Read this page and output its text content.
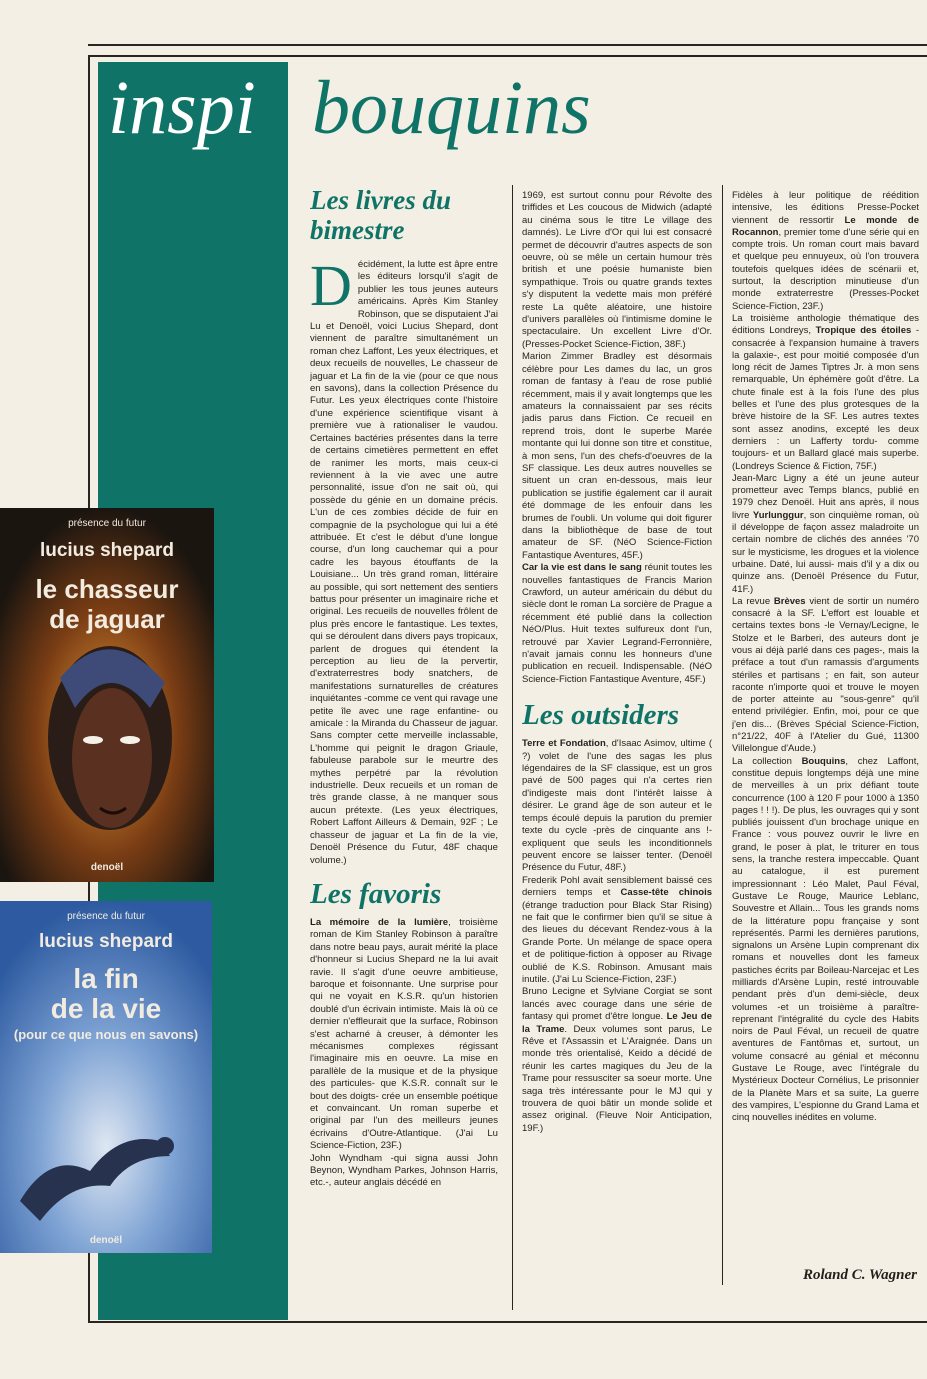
inspi bouquins
présence du futur
lucius shepard
le chasseur
de jaguar
denoël
présence du futur
lucius shepard
la fin
de la vie
(pour ce que nous en savons)
denoël
Les livres du
bimestre

Décidément, la lutte est âpre entre les éditeurs lorsqu'il s'agit de publier les tous jeunes auteurs américains. Après Kim Stanley Robinson, que se disputaient J'ai Lu et Denoël, voici Lucius Shepard, dont viennent de paraître simultanément un roman chez Laffont, Les yeux électriques, et deux recueils de nouvelles, Le chasseur de jaguar et La fin de la vie (pour ce que nous en savons), dans la collection Présence du Futur. Les yeux électriques conte l'histoire d'une expérience scientifique visant à première vue à rationaliser le vaudou. Certaines bactéries présentes dans la terre de certains cimetières permettent en effet de ranimer les morts, mais ceux-ci reviennent à la vie avec une autre personnalité, issue d'on ne sait où, qui possède du génie en un domaine précis. L'un de ces zombies décide de fuir en compagnie de la psychologue qui lui a été attribuée. Et c'est le début d'une longue course, d'un long cauchemar qui a pour cadre les bayous étouffants de la Louisiane... Un très grand roman, littéraire au possible, qui sort nettement des sentiers battus pour présenter un imaginaire riche et original. Les recueils de nouvelles frôlent de plus près encore le fantastique. Les textes, qui se déroulent dans divers pays tropicaux, parlent de drogues qui étendent la perception au lieu de la pervertir, d'extraterrestres body snatchers, de manifestations surnaturelles de créatures inquiétantes -comme ce vent qui ravage une petite île avec une rage enfantine- ou amicale : la Miranda du Chasseur de jaguar. Sans compter cette merveille inclassable, L'homme qui peignit le dragon Griaule, fabuleuse parabole sur le meurtre des mythes perpétré par la révolution industrielle. Deux recueils et un roman de très grande classe, à ne manquer sous aucun prétexte. (Les yeux électriques, Robert Laffont Ailleurs & Demain, 92F ; Le chasseur de jaguar et La fin de la vie, Denoël Présence du Futur, 48F chaque volume.)

Les favoris

La mémoire de la lumière, troisième roman de Kim Stanley Robinson à paraître dans notre beau pays, aurait mérité la place d'honneur si Lucius Shepard ne la lui avait ravie. Il s'agit d'une oeuvre ambitieuse, baroque et foisonnante. Une surprise pour qui ne voyait en K.S.R. qu'un historien doublé d'un écrivain intimiste. Mais là où ce dernier n'effleurait que la surface, Robinson s'est acharné à creuser, à démonter les mécanismes complexes régissant l'imaginaire mis en oeuvre. La mise en parallèle de la musique et de la physique des particules- que K.S.R. connaît sur le bout des doigts- crée un ensemble poétique et convaincant. Un roman superbe et original par l'un des meilleurs jeunes écrivains d'Outre-Atlantique. (J'ai Lu Science-Fiction, 23F.)

John Wyndham -qui signa aussi John Beynon, Wyndham Parkes, Johnson Harris, etc.-, auteur anglais décédé en

1969, est surtout connu pour Révolte des triffides et Les coucous de Midwich (adapté au cinéma sous le titre Le village des damnés). Le Livre d'Or qui lui est consacré permet de découvrir d'autres aspects de son oeuvre, où se mêle un certain humour très british et une poésie humaniste bien sympathique. Trois ou quatre grands textes s'y disputent la vedette mais mon préféré reste La quête aléatoire, une histoire d'univers parallèles où l'intimisme domine le spectaculaire. Un excellent Livre d'Or. (Presses-Pocket Science-Fiction, 38F.)

Marion Zimmer Bradley est désormais célèbre pour Les dames du lac, un gros roman de fantasy à l'eau de rose publié récemment, mais il y avait longtemps que les amateurs la connaissaient par ses récits jadis parus dans Fiction. Ce recueil en reprend trois, dont le superbe Marée montante qui lui donne son titre et constitue, à mon sens, l'un des chefs-d'oeuvres de la SF classique. Les deux autres nouvelles se situent un cran en-dessous, mais leur publication se justifie également car il aurait été dommage de les enfouir dans les brumes de l'oubli. Un volume qui doit figurer dans la bibliothèque de base de tout amateur de SF. (NéO Science-Fiction Fantastique Aventures, 45F.)

Car la vie est dans le sang réunit toutes les nouvelles fantastiques de Francis Marion Crawford, un auteur américain du début du siècle dont le roman La sorcière de Prague a récemment été publié dans la collection NéO/Plus. Huit textes sulfureux dont l'un, retrouvé par Xavier Legrand-Ferronnière, n'avait jamais connu les honneurs d'une publication en recueil. Indispensable. (NéO Science-Fiction Fantastique Aventure, 45F.)

Les outsiders

Terre et Fondation, d'Isaac Asimov, ultime ( ?) volet de l'une des sagas les plus légendaires de la SF classique, est un gros pavé de 500 pages qui n'a certes rien d'indigeste mais dont l'intérêt laisse à désirer. Le grand âge de son auteur et le temps écoulé depuis la parution du premier texte du cycle -près de cinquante ans !- expliquent que seuls les inconditionnels peuvent encore se laisser tenter. (Denoël Présence du Futur, 48F.)

Frederik Pohl avait sensiblement baissé ces derniers temps et Casse-tête chinois (étrange traduction pour Black Star Rising) ne fait que le confirmer bien qu'il se situe à des lieues du décevant Rendez-vous à la Grande Porte. Un mélange de space opera et de politique-fiction à opposer au Rivage oublié de K.S. Robinson. Amusant mais inutile. (J'ai Lu Science-Fiction, 23F.)

Bruno Lecigne et Sylviane Corgiat se sont lancés avec courage dans une série de fantasy qui promet d'être longue. Le Jeu de la Trame. Deux volumes sont parus, Le Rêve et l'Assassin et L'Araignée. Dans un monde très orientalisé, Keido a décidé de réunir les cartes magiques du Jeu de la Trame pour ressusciter sa soeur morte. Une saga très intéressante pour le MJ qui y trouvera de quoi bâtir un monde solide et assez original. (Fleuve Noir Anticipation, 19F.)

Fidèles à leur politique de réédition intensive, les éditions Presse-Pocket viennent de ressortir Le monde de Rocannon, premier tome d'une série qui en compte trois. Un roman court mais bavard et quelque peu ennuyeux, où l'on trouvera toutefois quelques idées de scénarii et, surtout, la description minutieuse d'un monde extraterrestre (Presses-Pocket Science-Fiction, 23F.)

La troisième anthologie thématique des éditions Londreys, Tropique des étoiles -consacrée à l'expansion humaine à travers la galaxie-, est pour moitié composée d'un long récit de James Tiptres Jr. à mon sens remarquable, Un éphémère goût d'être. La chute finale est à la fois l'une des plus belles et l'une des plus grotesques de la brève histoire de la SF. Les autres textes sont assez anodins, excepté les deux derniers : un Lafferty tordu- comme toujours- et un Ballard glacé mais superbe. (Londreys Science & Fiction, 75F.)

Jean-Marc Ligny a été un jeune auteur prometteur avec Temps blancs, publié en 1979 chez Denoël. Huit ans après, il nous livre Yurlunggur, son cinquième roman, où il développe de façon assez maladroite un certain nombre de clichés des années '70 sur le mysticisme, les drogues et la violence urbaine. Daté, lui aussi- mais d'il y a dix ou quinze ans. (Denoël Présence du Futur, 41F.)

La revue Brèves vient de sortir un numéro consacré à la SF. L'effort est louable et certains textes bons -le Vernay/Lecigne, le Stolze et le Barberi, des auteurs dont je vous ai déjà parlé dans ces pages-, mais la préface a tout d'un ramassis d'arguments stériles et partisans ; en fait, son auteur raconte n'importe quoi et trouve le moyen de porter atteinte au "sous-genre" qu'il entend privilégier. Enfin, moi, pour ce que j'en dis... (Brèves Spécial Science-Fiction, n°21/22, 40F à l'Atelier du Gué, 11300 Villelongue d'Aude.)

La collection Bouquins, chez Laffont, constitue depuis longtemps déjà une mine de merveilles à un prix défiant toute concurrence (100 à 120 F pour 1000 à 1350 pages ! ! !). De plus, les ouvrages qui y sont publiés jouissent d'un brochage unique en France : vous pouvez ouvrir le livre en grand, le poser à plat, le triturer en tous sens, la tranche restera impeccable. Quant au catalogue, il est purement impressionnant : Léo Malet, Paul Féval, Gustave Le Rouge, Maurice Leblanc, Souvestre et Allain... Tous les grands noms de la littérature popu française y sont représentés. Parmi les dernières parutions, signalons un Arsène Lupin comprenant dix romans et nouvelles dont les fameux pastiches écrits par Boileau-Narcejac et Les milliards d'Arsène Lupin, resté introuvable pendant près d'un demi-siècle, deux volumes -et un troisième à paraître- reprenant l'intégralité du cycle des Habits noirs de Paul Féval, un recueil de quatre aventures de Fantômas et, surtout, un volume consacré au génial et méconnu Gustave Le Rouge, avec l'intégrale du Mystérieux Docteur Cornélius, Le prisonnier de la Planète Mars et sa suite, La guerre des vampires, L'espionne du Grand Lama et cinq nouvelles inédites en volume.

Roland C. Wagner
